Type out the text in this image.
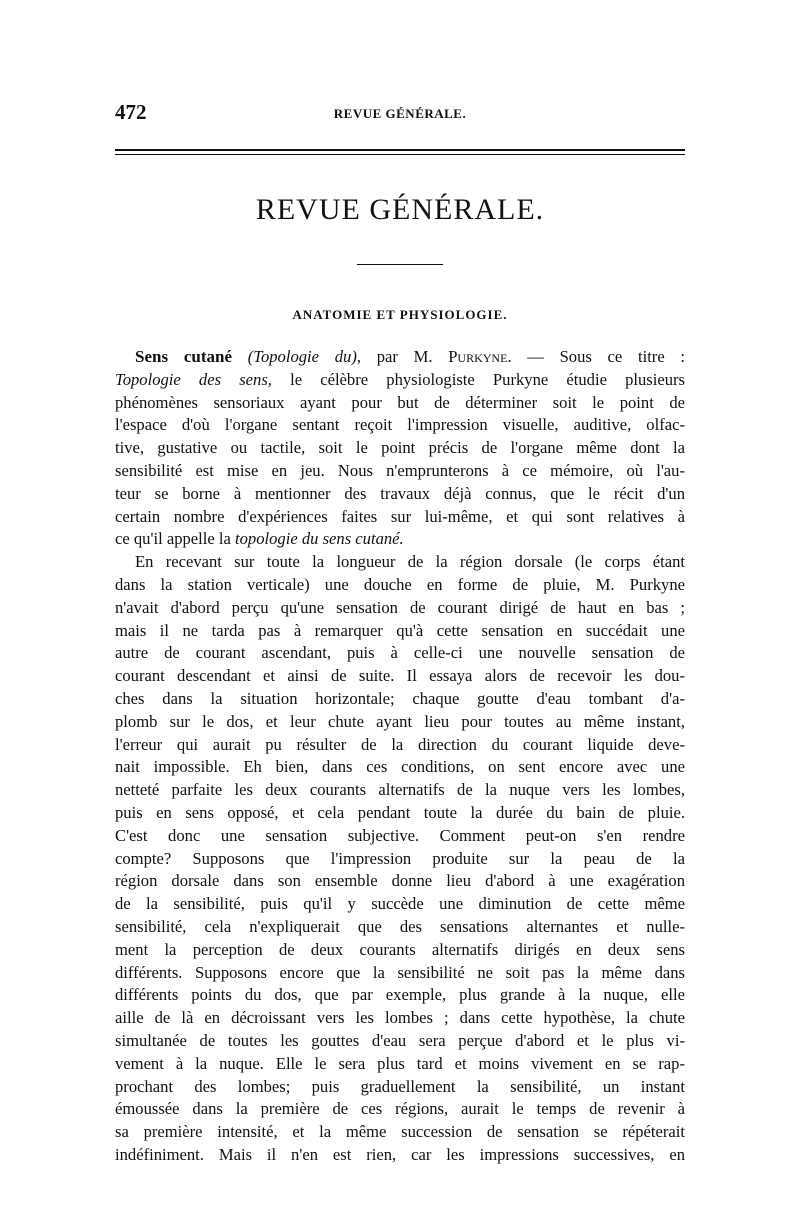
472	REVUE GÉNÉRALE.
REVUE GÉNÉRALE.
ANATOMIE ET PHYSIOLOGIE.
Sens cutané (Topologie du), par M. Purkyne. — Sous ce titre :
Topologie des sens, le célèbre physiologiste Purkyne étudie plusieurs
phénomènes sensoriaux ayant pour but de déterminer soit le point de
l'espace d'où l'organe sentant reçoit l'impression visuelle, auditive, olfac-
tive, gustative ou tactile, soit le point précis de l'organe même dont la
sensibilité est mise en jeu. Nous n'emprunterons à ce mémoire, où l'au-
teur se borne à mentionner des travaux déjà connus, que le récit d'un
certain nombre d'expériences faites sur lui-même, et qui sont relatives à
ce qu'il appelle la topologie du sens cutané.
En recevant sur toute la longueur de la région dorsale (le corps étant
dans la station verticale) une douche en forme de pluie, M. Purkyne
n'avait d'abord perçu qu'une sensation de courant dirigé de haut en bas ;
mais il ne tarda pas à remarquer qu'à cette sensation en succédait une
autre de courant ascendant, puis à celle-ci une nouvelle sensation de
courant descendant et ainsi de suite. Il essaya alors de recevoir les dou-
ches dans la situation horizontale; chaque goutte d'eau tombant d'a-
plomb sur le dos, et leur chute ayant lieu pour toutes au même instant,
l'erreur qui aurait pu résulter de la direction du courant liquide deve-
nait impossible. Eh bien, dans ces conditions, on sent encore avec une
netteté parfaite les deux courants alternatifs de la nuque vers les lombes,
puis en sens opposé, et cela pendant toute la durée du bain de pluie.
C'est donc une sensation subjective. Comment peut-on s'en rendre
compte? Supposons que l'impression produite sur la peau de la
région dorsale dans son ensemble donne lieu d'abord à une exagération
de la sensibilité, puis qu'il y succède une diminution de cette même
sensibilité, cela n'expliquerait que des sensations alternantes et nulle-
ment la perception de deux courants alternatifs dirigés en deux sens
différents. Supposons encore que la sensibilité ne soit pas la même dans
différents points du dos, que par exemple, plus grande à la nuque, elle
aille de là en décroissant vers les lombes ; dans cette hypothèse, la chute
simultanée de toutes les gouttes d'eau sera perçue d'abord et le plus vi-
vement à la nuque. Elle le sera plus tard et moins vivement en se rap-
prochant des lombes; puis graduellement la sensibilité, un instant
émoussée dans la première de ces régions, aurait le temps de revenir à
sa première intensité, et la même succession de sensation se répéterait
indéfiniment. Mais il n'en est rien, car les impressions successives, en
